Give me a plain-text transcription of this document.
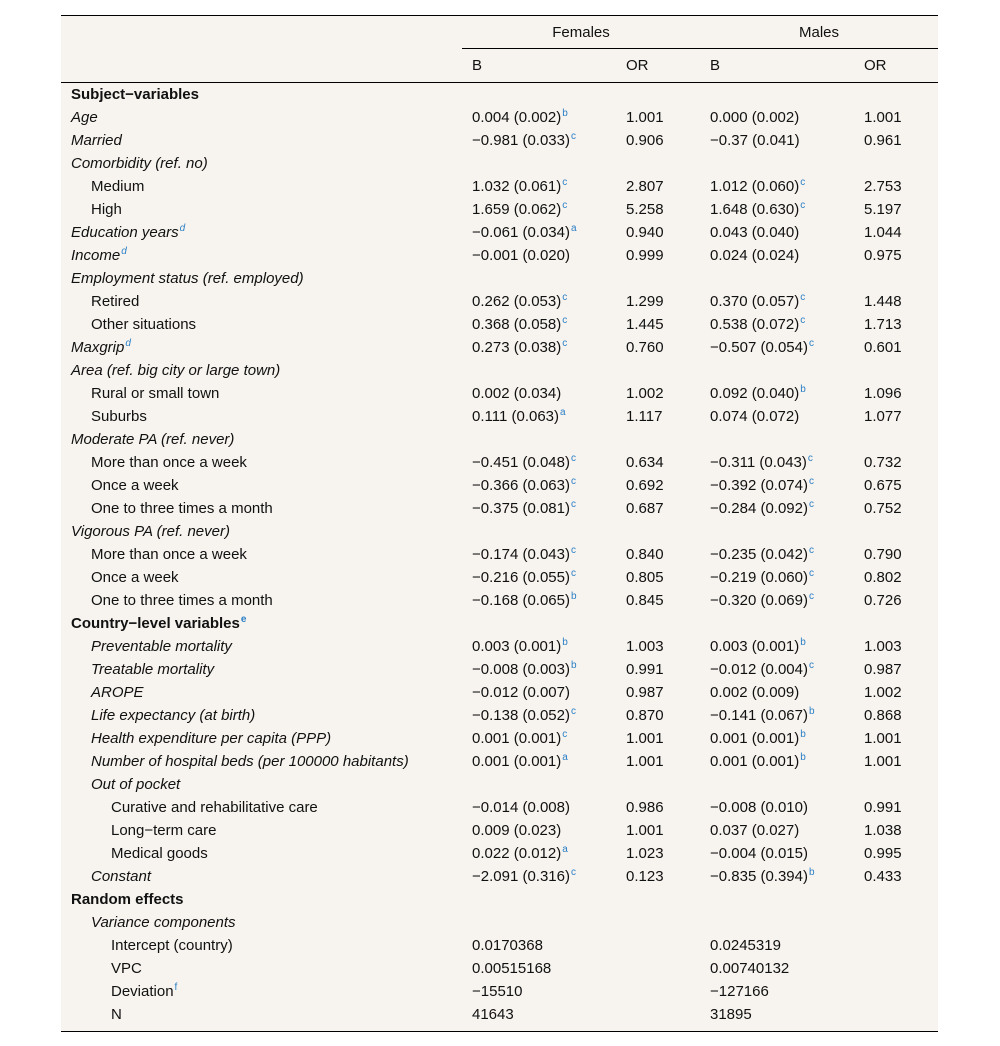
	Females		Males	
	B	OR	B	OR
Subject−variables				
Age	0.004 $(0.002)^b$	1.001	0.000 (0.002)	1.001
Married	−0.981 $(0.033)^c$	0.906	−0.37 (0.041)	0.961
Comorbidity (ref. no)				
Medium	1.032 $(0.061)^c$	2.807	1.012 $(0.060)^c$	2.753
High	1.659 $(0.062)^c$	5.258	1.648 $(0.630)^c$	5.197
Education years$^d$	−0.061 $(0.034)^a$	0.940	0.043 (0.040)	1.044
Income$^d$	−0.001 (0.020)	0.999	0.024 (0.024)	0.975
Employment status (ref. employed)				
Retired	0.262 $(0.053)^c$	1.299	0.370 $(0.057)^c$	1.448
Other situations	0.368 $(0.058)^c$	1.445	0.538 $(0.072)^c$	1.713
Maxgrip$^d$	0.273 $(0.038)^c$	0.760	−0.507 $(0.054)^c$	0.601
Area (ref. big city or large town)				
Rural or small town	0.002 (0.034)	1.002	0.092 $(0.040)^b$	1.096
Suburbs	0.111 $(0.063)^a$	1.117	0.074 (0.072)	1.077
Moderate PA (ref. never)				
More than once a week	−0.451 $(0.048)^c$	0.634	−0.311 $(0.043)^c$	0.732
Once a week	−0.366 $(0.063)^c$	0.692	−0.392 $(0.074)^c$	0.675
One to three times a month	−0.375 $(0.081)^c$	0.687	−0.284 $(0.092)^c$	0.752
Vigorous PA (ref. never)				
More than once a week	−0.174 $(0.043)^c$	0.840	−0.235 $(0.042)^c$	0.790
Once a week	−0.216 $(0.055)^c$	0.805	−0.219 $(0.060)^c$	0.802
One to three times a month	−0.168 $(0.065)^b$	0.845	−0.320 $(0.069)^c$	0.726
Country−level variables$^e$				
Preventable mortality	0.003 $(0.001)^b$	1.003	0.003 $(0.001)^b$	1.003
Treatable mortality	−0.008 $(0.003)^b$	0.991	−0.012 $(0.004)^c$	0.987
AROPE	−0.012 (0.007)	0.987	0.002 (0.009)	1.002
Life expectancy (at birth)	−0.138 $(0.052)^c$	0.870	−0.141 $(0.067)^b$	0.868
Health expenditure per capita (PPP)	0.001 $(0.001)^c$	1.001	0.001 $(0.001)^b$	1.001
Number of hospital beds (per 100000 habitants)	0.001 $(0.001)^a$	1.001	0.001 $(0.001)^b$	1.001
Out of pocket				
Curative and rehabilitative care	−0.014 (0.008)	0.986	−0.008 (0.010)	0.991
Long−term care	0.009 (0.023)	1.001	0.037 (0.027)	1.038
Medical goods	0.022 $(0.012)^a$	1.023	−0.004 (0.015)	0.995
Constant	−2.091 $(0.316)^c$	0.123	−0.835 $(0.394)^b$	0.433
Random effects				
Variance components				
Intercept (country)	0.0170368		0.0245319	
VPC	0.00515168		0.00740132	
Deviation$^f$	−15510		−127166	
N	41643		31895	
